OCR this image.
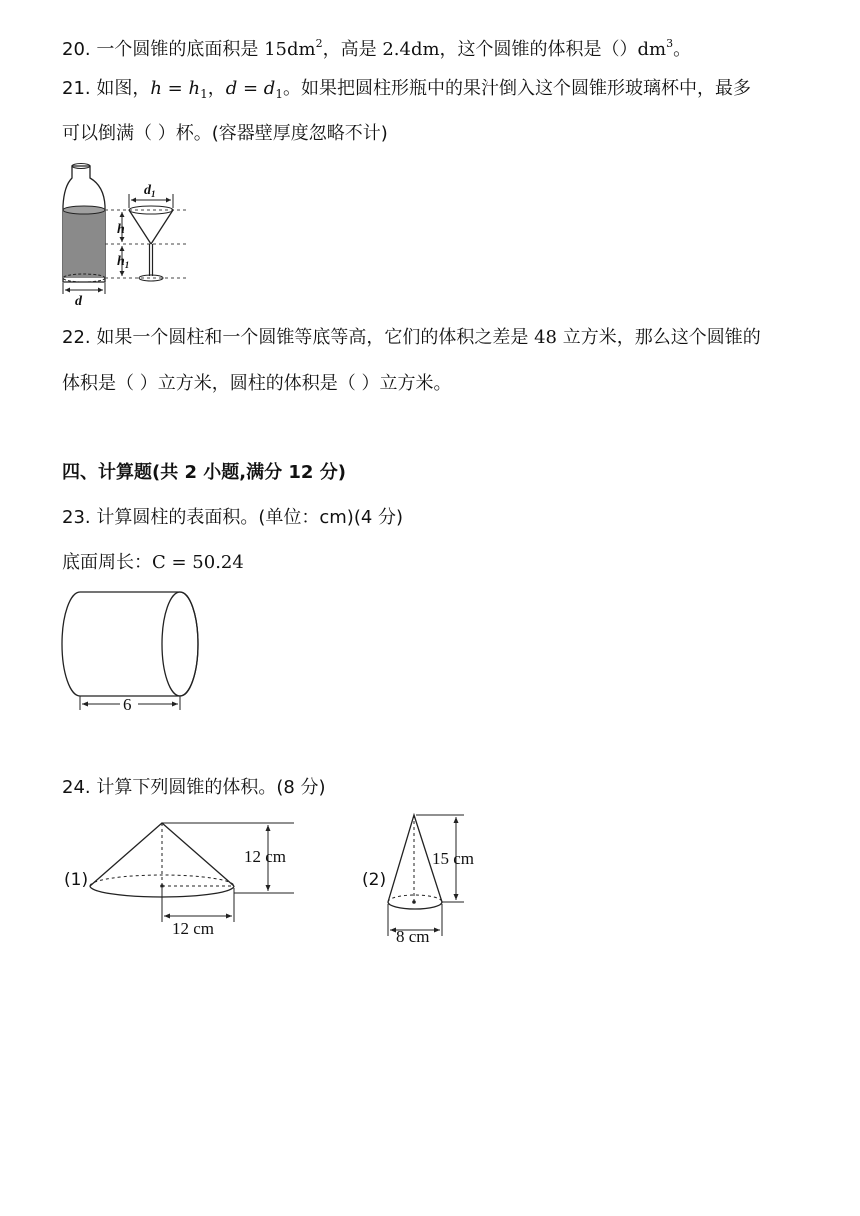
20. 一个圆锥的底面积是 $15dm^2$，高是 2.4dm，这个圆锥的体积是$()dm^3$。
21. 如图，$h = h_1$，$d = d_1$。如果把圆柱形瓶中的果汁倒入这个圆锥形玻璃杯中，最多
可以倒满（ ）杯。(容器壁厚度忽略不计)
d
$d_1$
h
$h_1$
22. 如果一个圆柱和一个圆锥等底等高，它们的体积之差是 48 立方米，那么这个圆锥的
体积是（ ）立方米，圆柱的体积是（ ）立方米。
四、计算题(共 2 小题,满分 12 分)
23. 计算圆柱的表面积。(单位：cm)(4 分)
底面周长：C = 50.24
6
24. 计算下列圆锥的体积。(8 分)
(1)
12 cm
12 cm
(2)
15 cm
8 cm
